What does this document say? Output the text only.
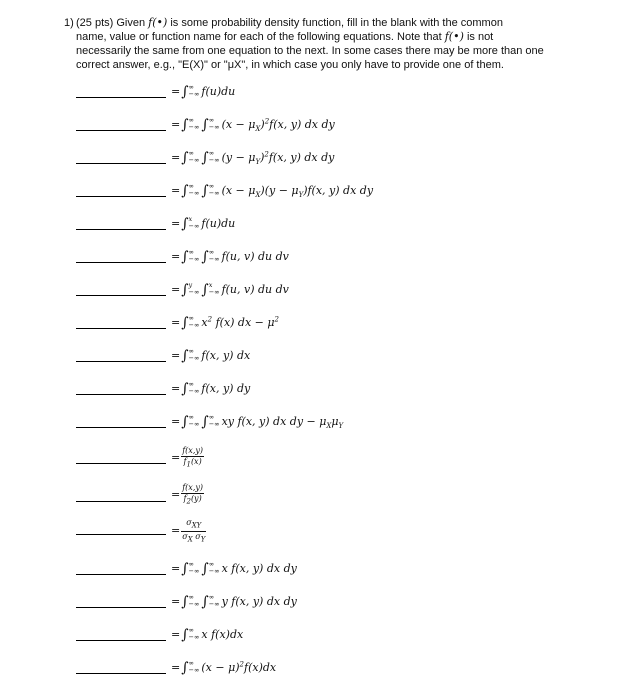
1) (25 pts) Given f(•) is some probability density function, fill in the blank with the common
name, value or function name for each of the following equations. Note that f(•) is not
necessarily the same from one equation to the next. In some cases there may be more than one
correct answer, e.g., "E(X)" or "μX", in which case you only have to provide one of them.
=∫ ∞
−∞ f(u)du
=∫ ∞
−∞ ∫ ∞
−∞ $(x - \mu_X)^2f(x$, y) dx dy
=∫ ∞
−∞ ∫ ∞
−∞ $(y - \mu_Y)^2f(x$, y) dx dy
=∫ ∞
−∞ ∫ ∞
−∞ $(x - \mu_X)(y - \mu_Y)f(x$, y) dx dy
=∫ x
−∞ f(u)du
=∫ ∞
−∞ ∫ ∞
−∞ f(u, v) du dv
=∫ y
−∞ ∫ x
−∞ f(u, v) du dv
=∫ ∞
−∞ $x^2$ f(x) dx − $\mu^2$
=∫ ∞
−∞ f(x, y) dx
=∫ ∞
−∞ f(x, y) dy
=∫ ∞
−∞ ∫ ∞
−∞ xy f(x, y) dx dy − $\mu_X\mu_Y$
= $\frac{f(x,y)}{f1(x)}$
= $\frac{f(x,y)}{f2(y)}$
= $\frac{\text{σXY}}{\text{σX σY}}$
=∫ ∞
−∞ ∫ ∞
−∞ x f(x, y) dx dy
=∫ ∞
−∞ ∫ ∞
−∞ y f(x, y) dx dy
=∫ ∞
−∞ x f(x)dx
=∫ ∞
−∞ $(x - \mu)^2f(x)dx$
